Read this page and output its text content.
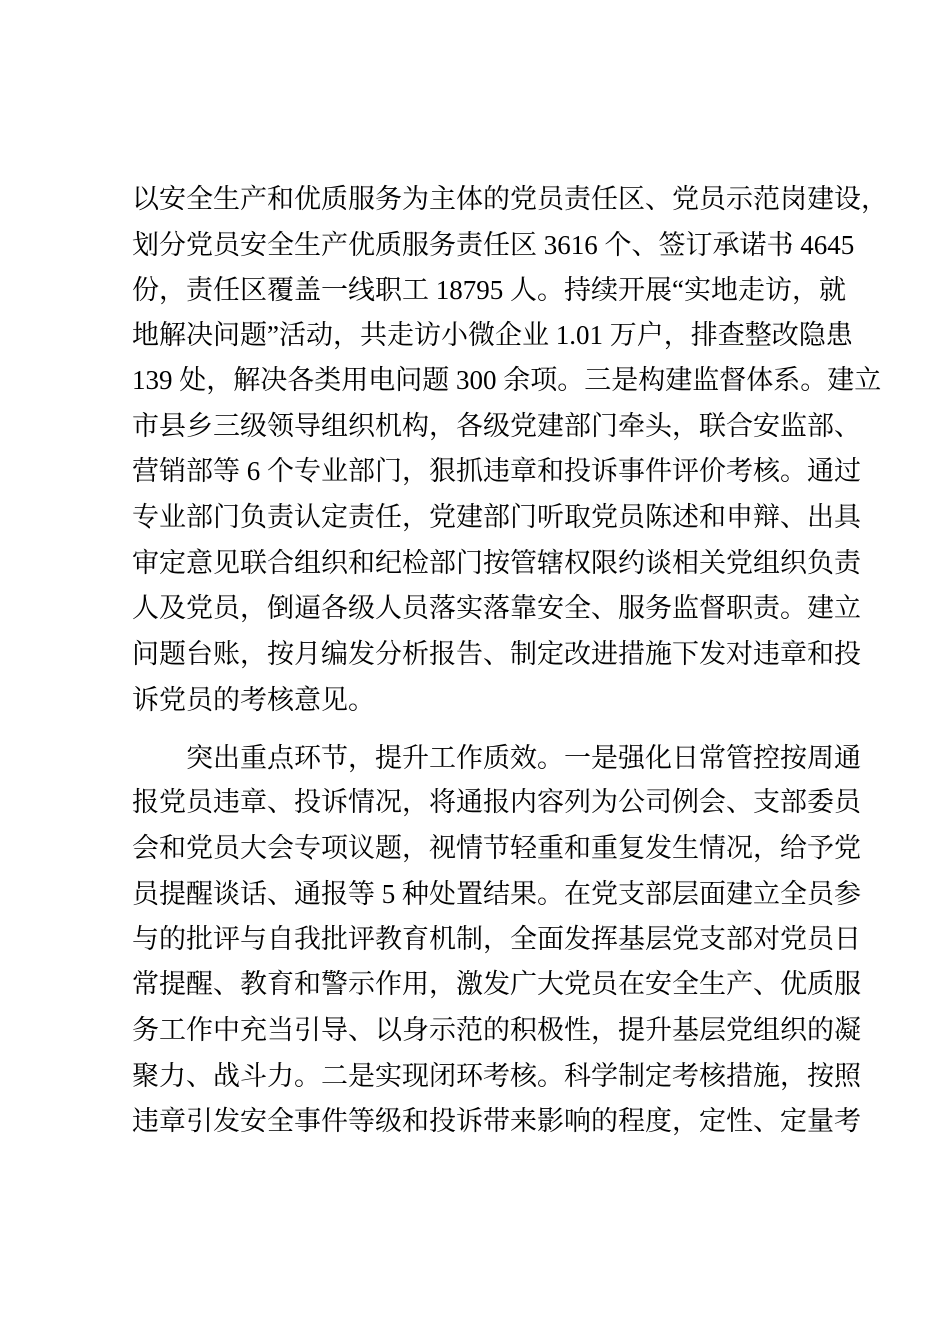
以安全生产和优质服务为主体的党员责任区、党员示范岗建设，
划分党员安全生产优质服务责任区 3616 个、签订承诺书 4645
份，责任区覆盖一线职工 18795 人。持续开展“实地走访，就
地解决问题”活动，共走访小微企业 1.01 万户，排查整改隐患
139 处，解决各类用电问题 300 余项。三是构建监督体系。建立
市县乡三级领导组织机构，各级党建部门牵头，联合安监部、
营销部等 6 个专业部门，狠抓违章和投诉事件评价考核。通过
专业部门负责认定责任，党建部门听取党员陈述和申辩、出具
审定意见联合组织和纪检部门按管辖权限约谈相关党组织负责
人及党员，倒逼各级人员落实落靠安全、服务监督职责。建立
问题台账，按月编发分析报告、制定改进措施下发对违章和投
诉党员的考核意见。
突出重点环节，提升工作质效。一是强化日常管控按周通
报党员违章、投诉情况，将通报内容列为公司例会、支部委员
会和党员大会专项议题，视情节轻重和重复发生情况，给予党
员提醒谈话、通报等 5 种处置结果。在党支部层面建立全员参
与的批评与自我批评教育机制，全面发挥基层党支部对党员日
常提醒、教育和警示作用，激发广大党员在安全生产、优质服
务工作中充当引导、以身示范的积极性，提升基层党组织的凝
聚力、战斗力。二是实现闭环考核。科学制定考核措施，按照
违章引发安全事件等级和投诉带来影响的程度，定性、定量考
